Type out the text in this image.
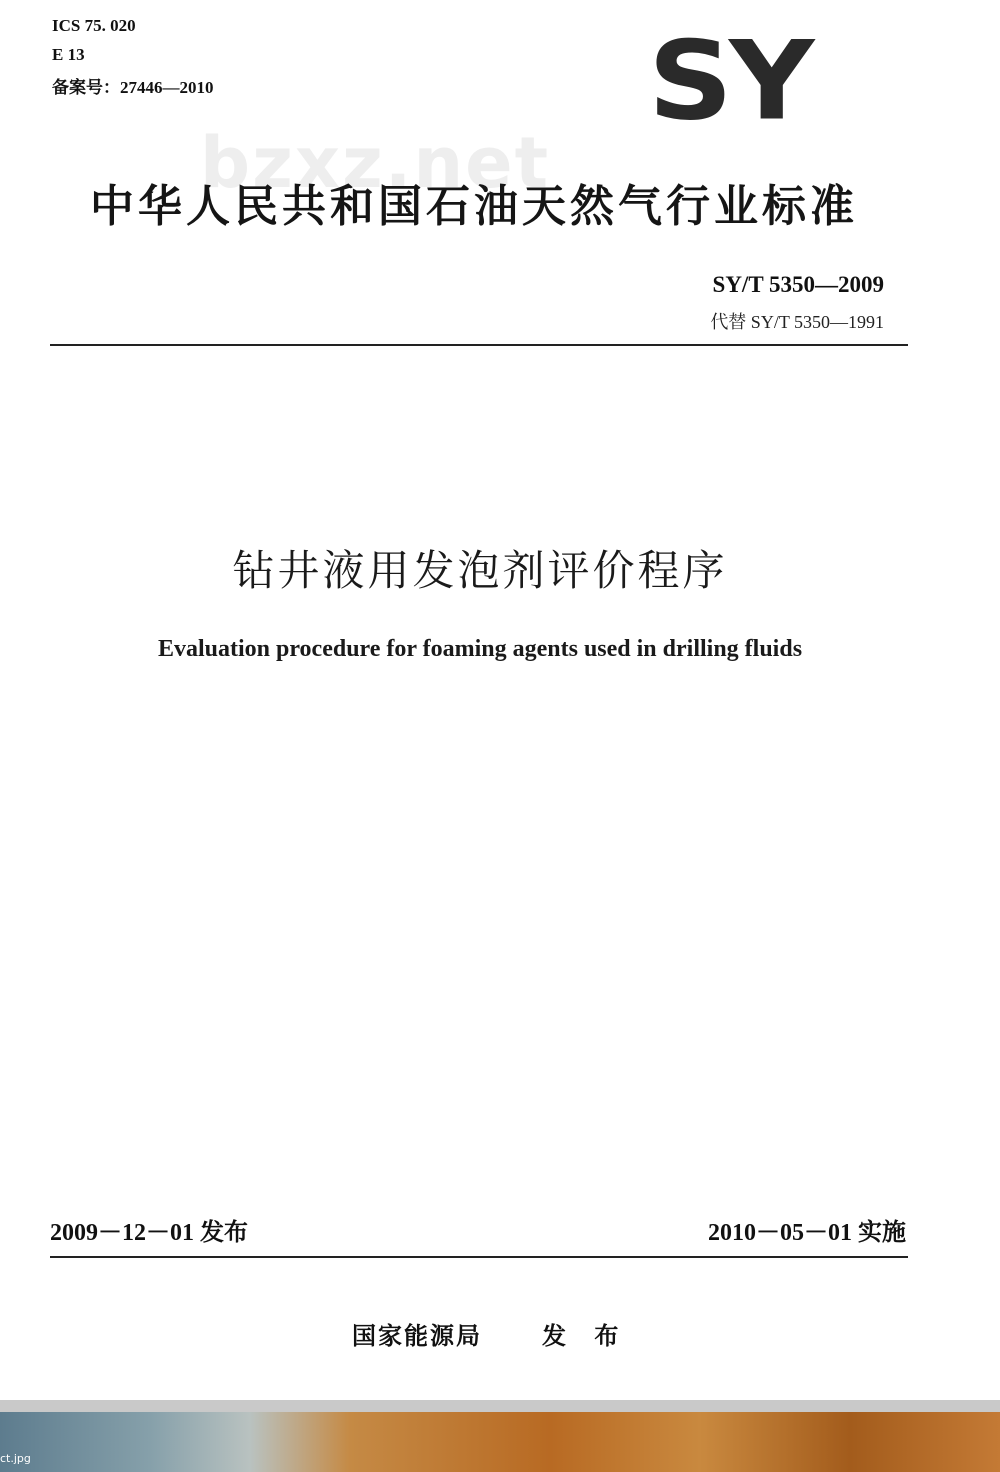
ICS 75. 020
E 13
备案号：27446—2010	SY
bzxz.net
中华人民共和国石油天然气行业标准
SY/T 5350—2009
代替 SY/T 5350—1991
钻井液用发泡剂评价程序
Evaluation procedure for foaming agents used in drilling fluids
2009－12－01 发布	2010－05－01 实施
国家能源局	发 布
ct.jpg
